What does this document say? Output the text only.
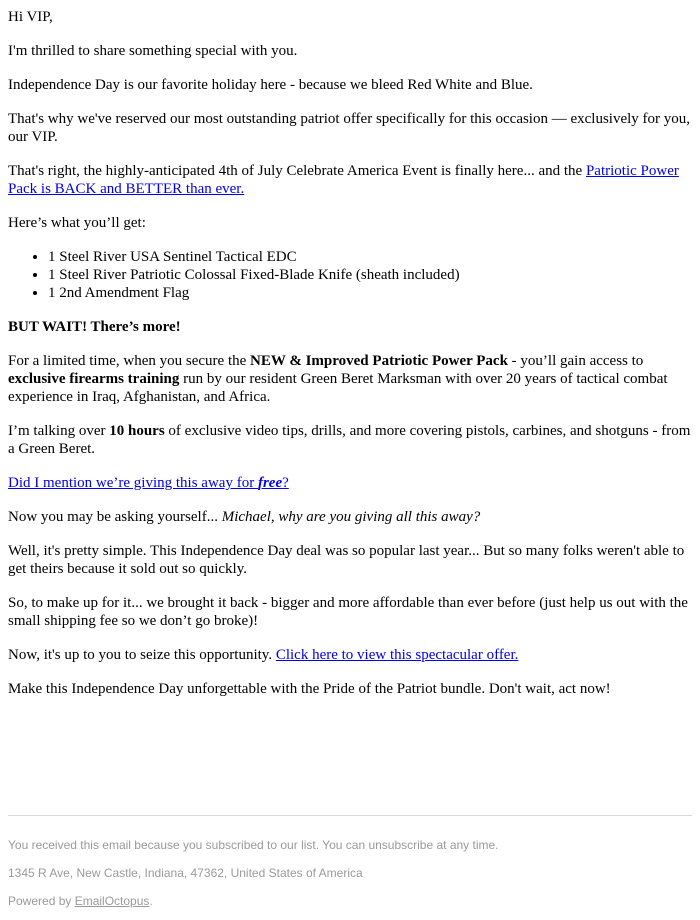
Hi VIP,

I'm thrilled to share something special with you.

Independence Day is our favorite holiday here - because we bleed Red White and Blue.

That's why we've reserved our most outstanding patriot offer specifically for this occasion — exclusively for you, our VIP.

That's right, the highly-anticipated 4th of July Celebrate America Event is finally here... and the Patriotic Power Pack is BACK and BETTER than ever.

Here’s what you’ll get:

• 1 Steel River USA Sentinel Tactical EDC
• 1 Steel River Patriotic Colossal Fixed-Blade Knife (sheath included)
• 1 2nd Amendment Flag

BUT WAIT! There’s more!

For a limited time, when you secure the NEW & Improved Patriotic Power Pack - you’ll gain access to exclusive firearms training run by our resident Green Beret Marksman with over 20 years of tactical combat experience in Iraq, Afghanistan, and Africa.

I’m talking over 10 hours of exclusive video tips, drills, and more covering pistols, carbines, and shotguns - from a Green Beret.

Did I mention we’re giving this away for free?

Now you may be asking yourself... Michael, why are you giving all this away?

Well, it's pretty simple. This Independence Day deal was so popular last year... But so many folks weren't able to get theirs because it sold out so quickly.

So, to make up for it... we brought it back - bigger and more affordable than ever before (just help us out with the small shipping fee so we don’t go broke)!

Now, it's up to you to seize this opportunity. Click here to view this spectacular offer.

Make this Independence Day unforgettable with the Pride of the Patriot bundle. Don't wait, act now!

You received this email because you subscribed to our list. You can unsubscribe at any time.

1345 R Ave, New Castle, Indiana, 47362, United States of America

Powered by EmailOctopus.
